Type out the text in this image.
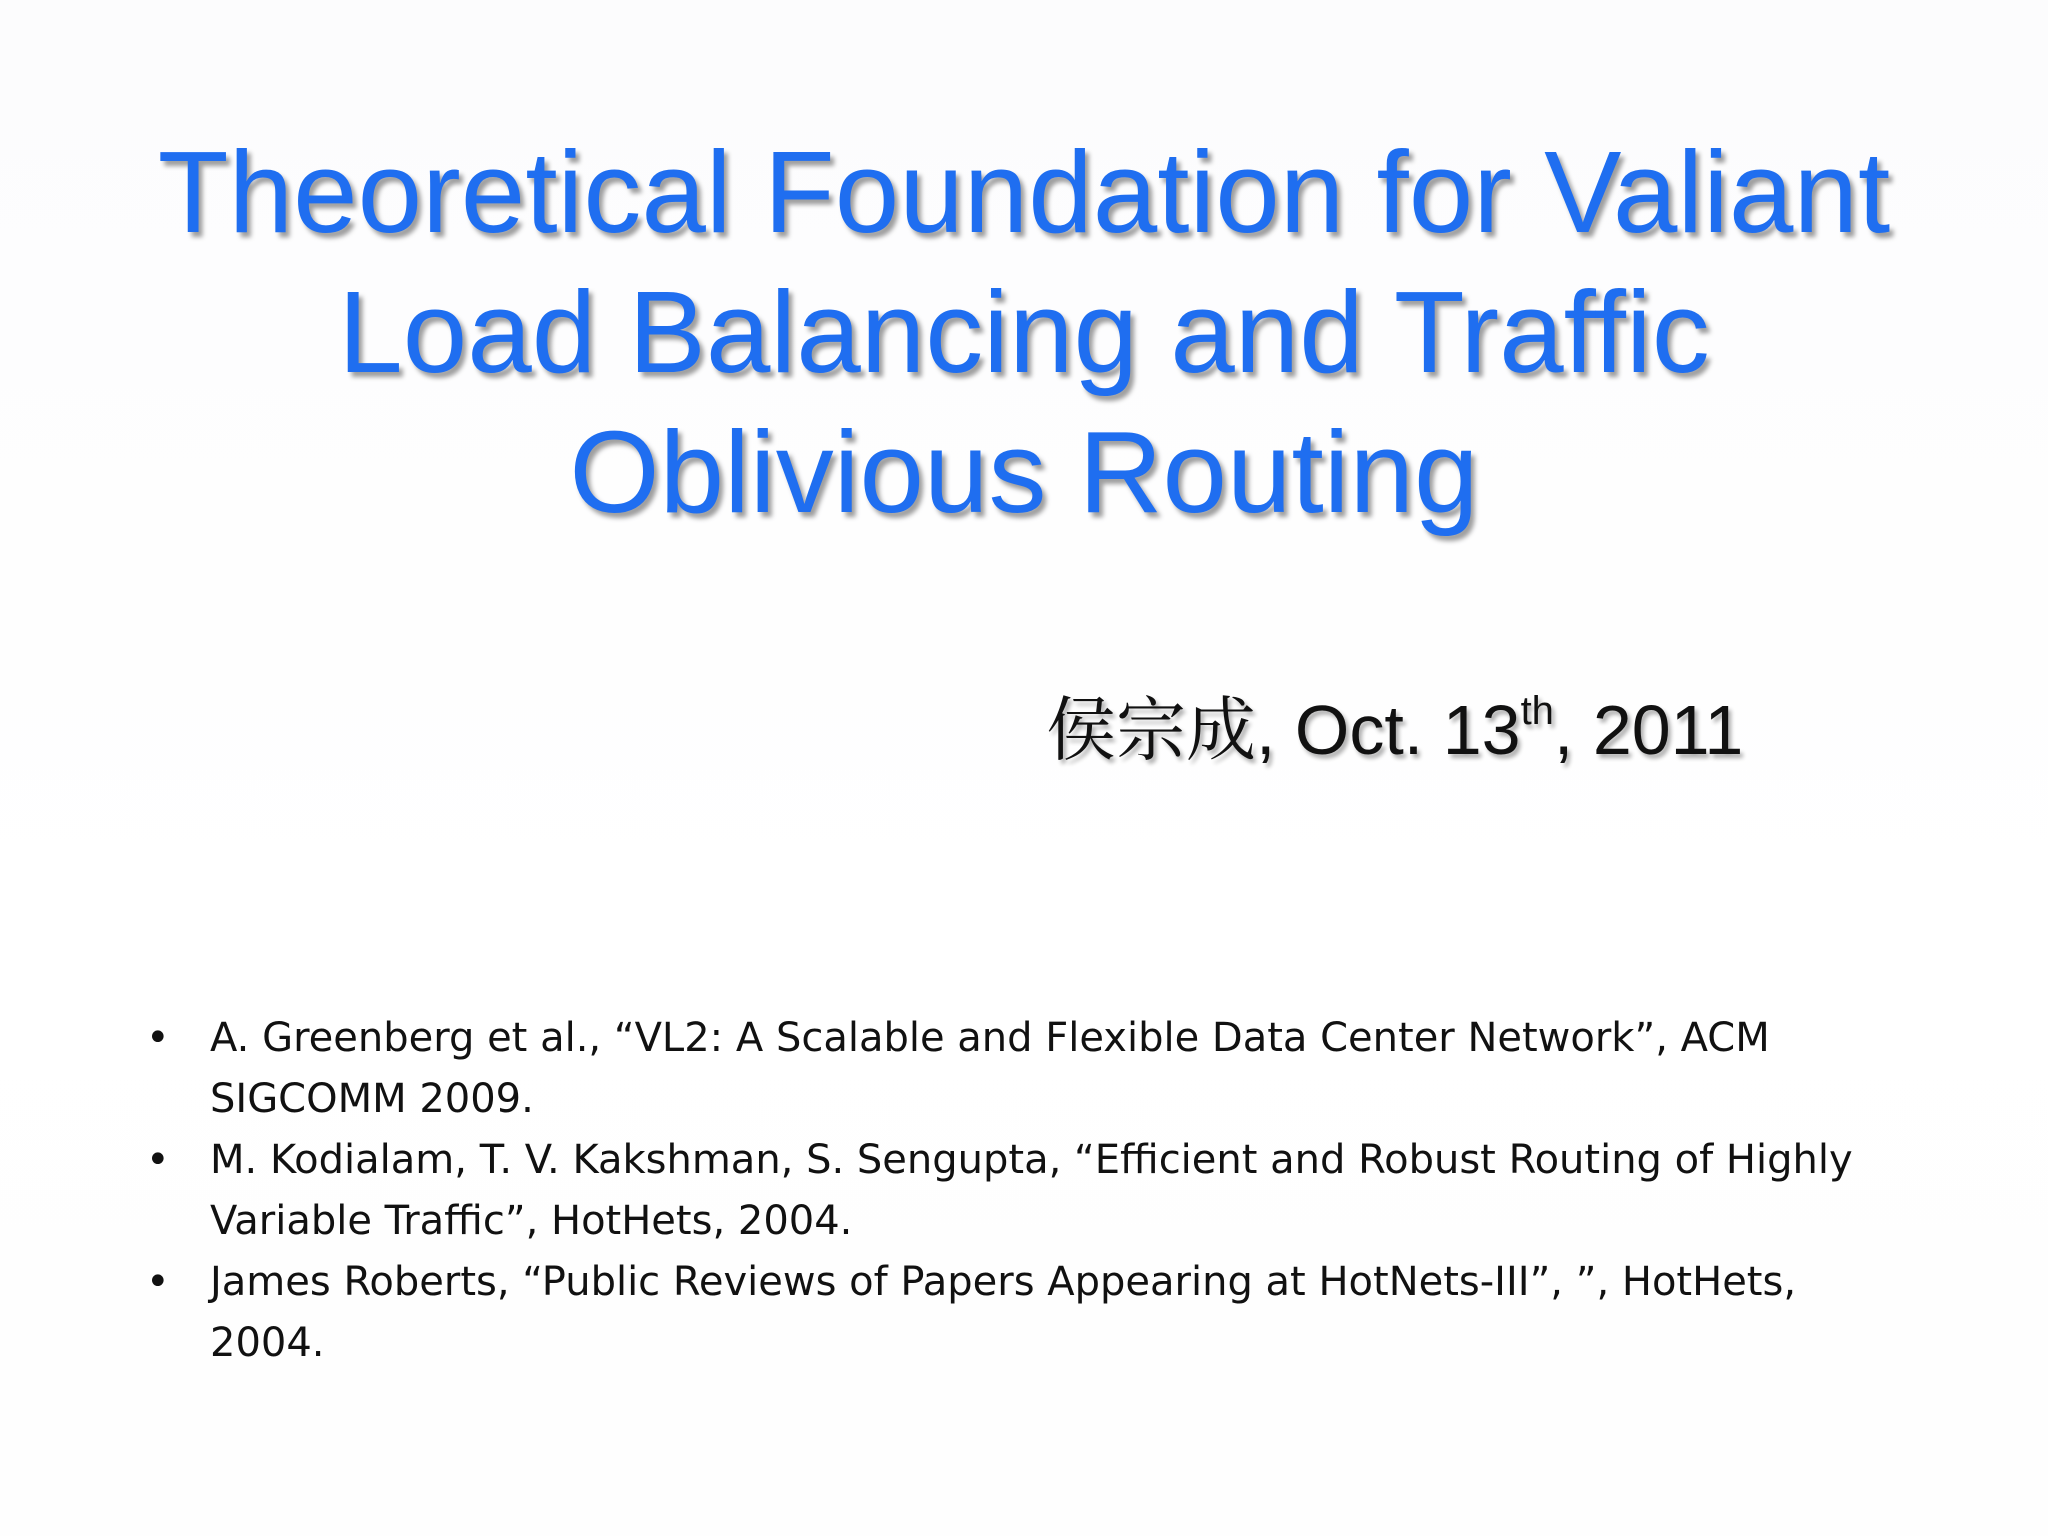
Theoretical Foundation for Valiant
Load Balancing and Traffic
Oblivious Routing
侯宗成, Oct. 13th, 2011
• A. Greenberg et al., “VL2: A Scalable and Flexible Data Center Network”, ACM SIGCOMM 2009.
• M. Kodialam, T. V. Kakshman, S. Sengupta, “Efficient and Robust Routing of Highly Variable Traffic”, HotHets, 2004.
• James Roberts, “Public Reviews of Papers Appearing at HotNets-III”, ”, HotHets, 2004.
